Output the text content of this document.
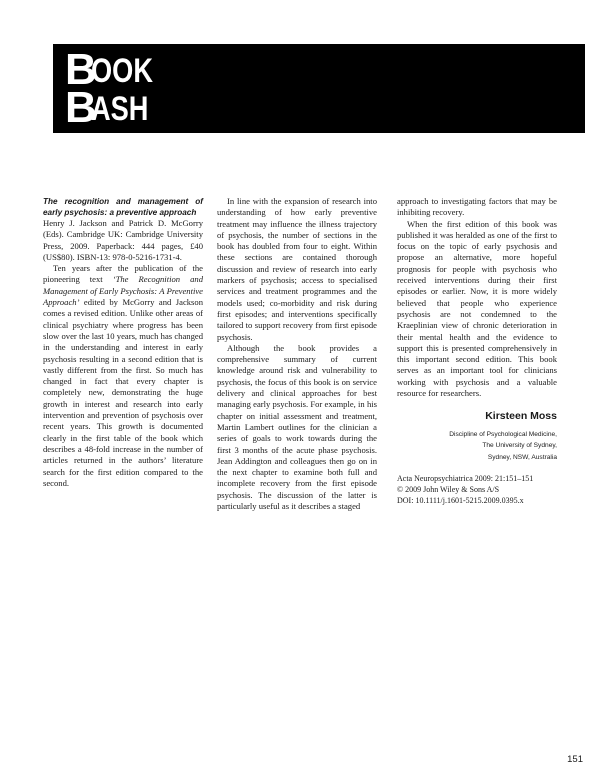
B
OOK
B
ASH

The recognition and management of early psychosis: a preventive approach

Henry J. Jackson and Patrick D. McGorry (Eds). Cambridge UK: Cambridge University Press, 2009. Paperback: 444 pages, £40 (US$80). ISBN-13: 978-0-5216-1731-4.

Ten years after the publication of the pioneering text ‘The Recognition and Management of Early Psychosis: A Preventive Approach’ edited by McGorry and Jackson comes a revised edition. Unlike other areas of clinical psychiatry where progress has been slow over the last 10 years, much has changed in the understanding and interest in early psychosis resulting in a second edition that is vastly different from the first. So much has changed in fact that every chapter is completely new, demonstrating the huge growth in interest and research into early intervention and prevention of psychosis over recent years. This growth is documented clearly in the first table of the book which describes a 48-fold increase in the number of articles returned in the authors’ literature search for the first edition compared to the second.

In line with the expansion of research into understanding of how early preventive treatment may influence the illness trajectory of psychosis, the number of sections in the book has doubled from four to eight. Within these sections are contained thorough discussion and review of research into early markers of psychosis; access to specialised services and treatment programmes and the models used; co-morbidity and risk during first episodes; and interventions specifically tailored to support recovery from first episode psychosis.

Although the book provides a comprehensive summary of current knowledge around risk and vulnerability to psychosis, the focus of this book is on service delivery and clinical approaches for best managing early psychosis. For example, in his chapter on initial assessment and treatment, Martin Lambert outlines for the clinician a series of goals to work towards during the first 3 months of the acute phase psychosis. Jean Addington and colleagues then go on in the next chapter to examine both full and incomplete recovery from the first episode psychosis. The discussion of the latter is particularly useful as it describes a staged

approach to investigating factors that may be inhibiting recovery.

When the first edition of this book was published it was heralded as one of the first to focus on the topic of early psychosis and propose an alternative, more hopeful prognosis for people with psychosis who received interventions during their first episodes or earlier. Now, it is more widely believed that people who experience psychosis are not condemned to the Kraeplinian view of chronic deterioration in their mental health and the evidence to support this is presented comprehensively in this important second edition. This book serves as an important tool for clinicians working with psychosis and a valuable resource for researchers.

Kirsteen Moss
Discipline of Psychological Medicine,
The University of Sydney,
Sydney, NSW, Australia
Acta Neuropsychiatrica 2009: 21:151–151
© 2009 John Wiley & Sons A/S
DOI: 10.1111/j.1601-5215.2009.0395.x
151
